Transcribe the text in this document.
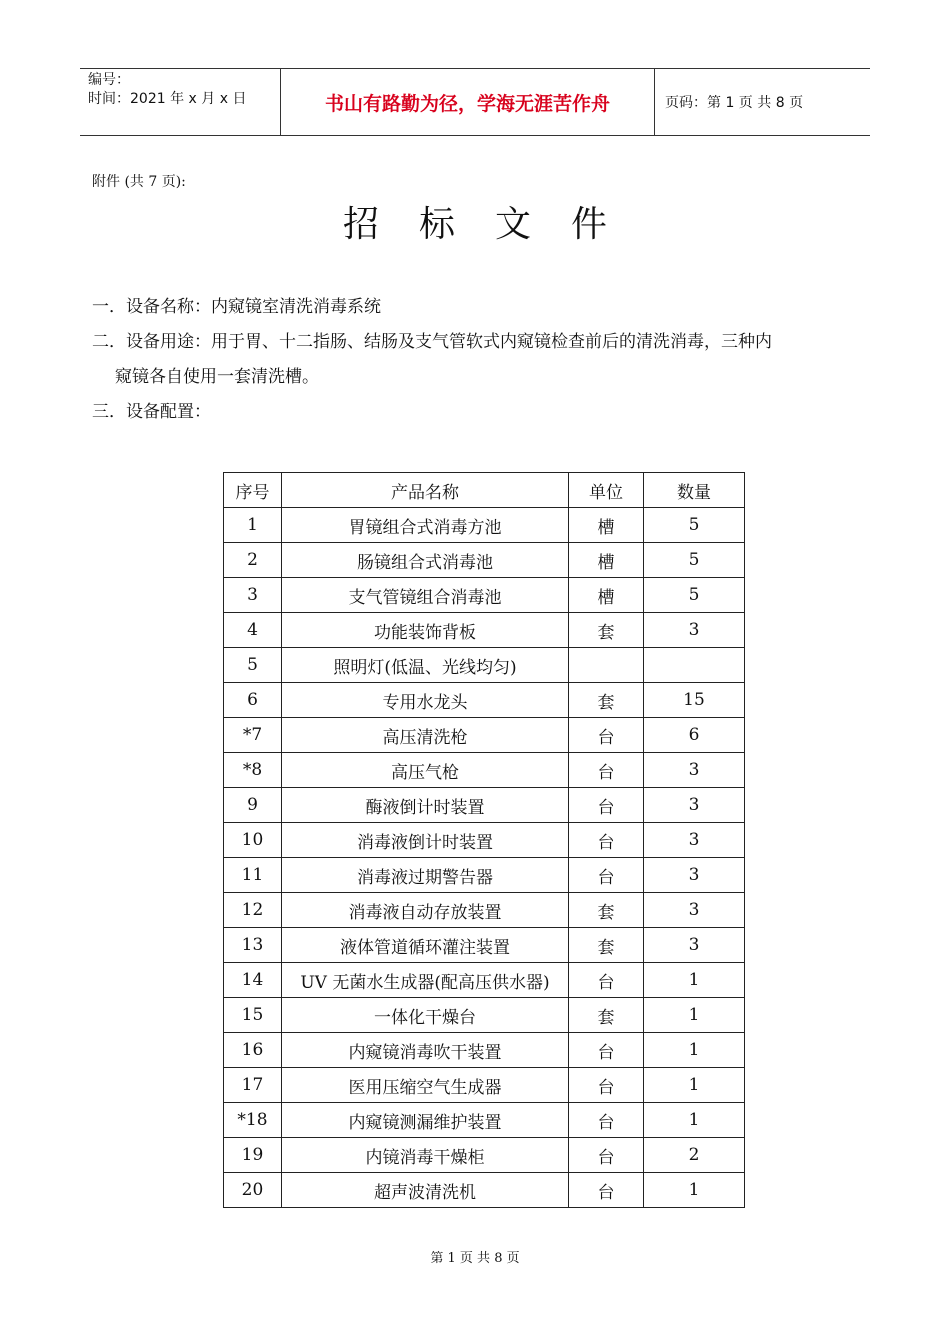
编号：
时间：2021 年 x 月 x 日	书山有路勤为径，学海无涯苦作舟	页码：第 1 页 共 8 页
附件 (共 7 页):
招标文件
一．设备名称：内窥镜室清洗消毒系统
二．设备用途：用于胃、十二指肠、结肠及支气管软式内窥镜检查前后的清洗消毒，三种内
窥镜各自使用一套清洗槽。
三．设备配置：
序号	产品名称	单位	数量
1	胃镜组合式消毒方池	槽	5
2	肠镜组合式消毒池	槽	5
3	支气管镜组合消毒池	槽	5
4	功能装饰背板	套	3
5	照明灯(低温、光线均匀)		
6	专用水龙头	套	15
*7	高压清洗枪	台	6
*8	高压气枪	台	3
9	酶液倒计时装置	台	3
10	消毒液倒计时装置	台	3
11	消毒液过期警告器	台	3
12	消毒液自动存放装置	套	3
13	液体管道循环灌注装置	套	3
14	UV 无菌水生成器(配高压供水器)	台	1
15	一体化干燥台	套	1
16	内窥镜消毒吹干装置	台	1
17	医用压缩空气生成器	台	1
*18	内窥镜测漏维护装置	台	1
19	内镜消毒干燥柜	台	2
20	超声波清洗机	台	1
第 1 页 共 8 页
